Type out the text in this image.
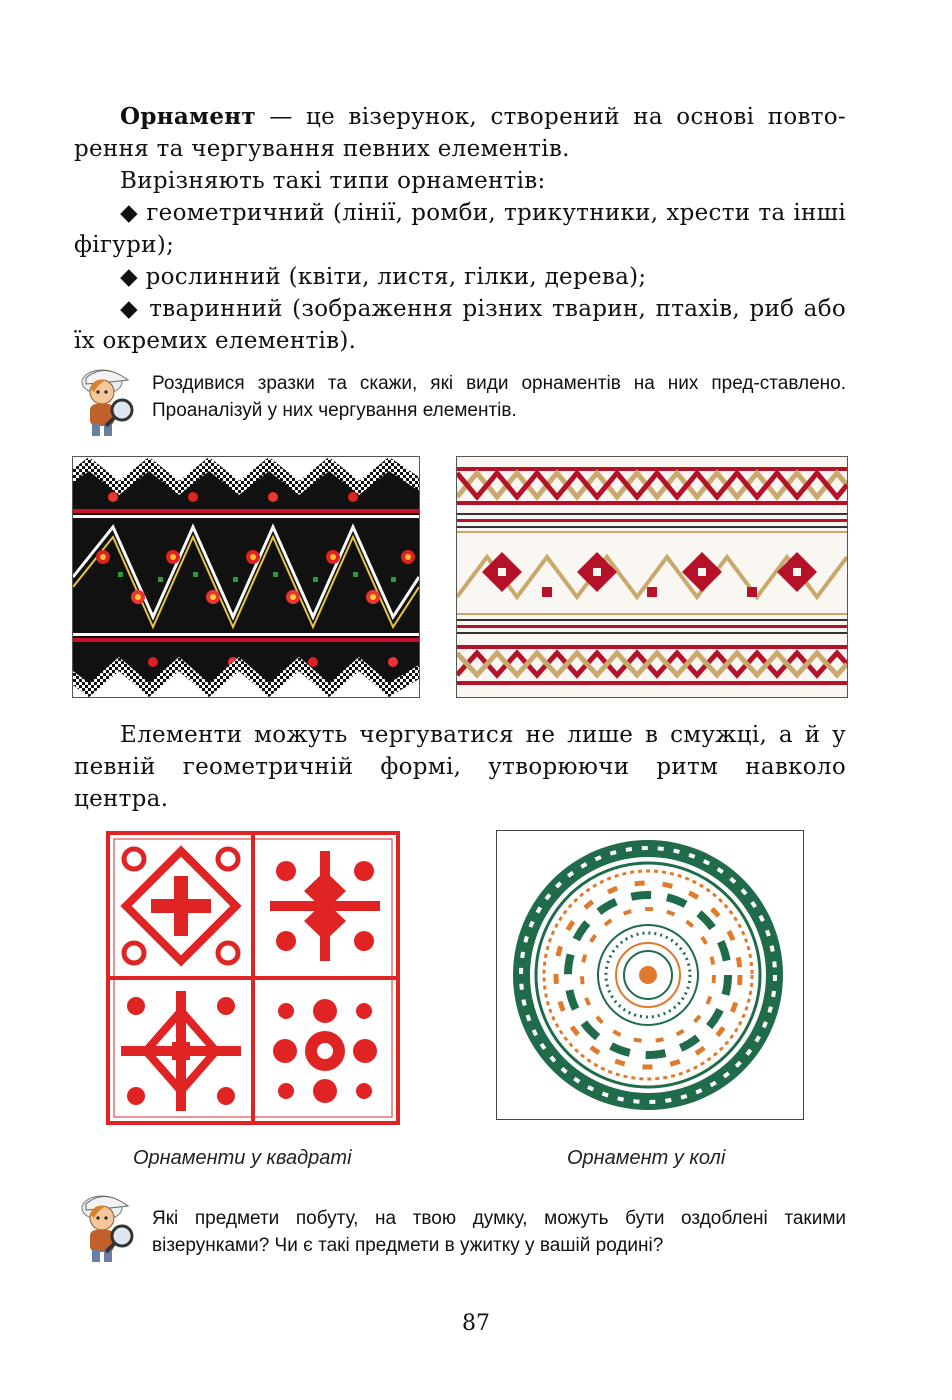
Орнамент — це візерунок, створений на основі повто-рення та чергування певних елементів.
Вирізняють такі типи орнаментів:
◆ геометричний (лінії, ромби, трикутники, хрести та інші фігури);
◆ рослинний (квіти, листя, гілки, дерева);
◆ тваринний (зображення різних тварин, птахів, риб або їх окремих елементів).
Роздивися зразки та скажи, які види орнаментів на них пред-ставлено. Проаналізуй у них чергування елементів.
Елементи можуть чергуватися не лише в смужці, а й у певній геометричній формі, утворюючи ритм навколо центра.
Орнаменти у квадраті	Орнамент у колі
Які предмети побуту, на твою думку, можуть бути оздоблені такими візерунками? Чи є такі предмети в ужитку у вашій родині?
87
